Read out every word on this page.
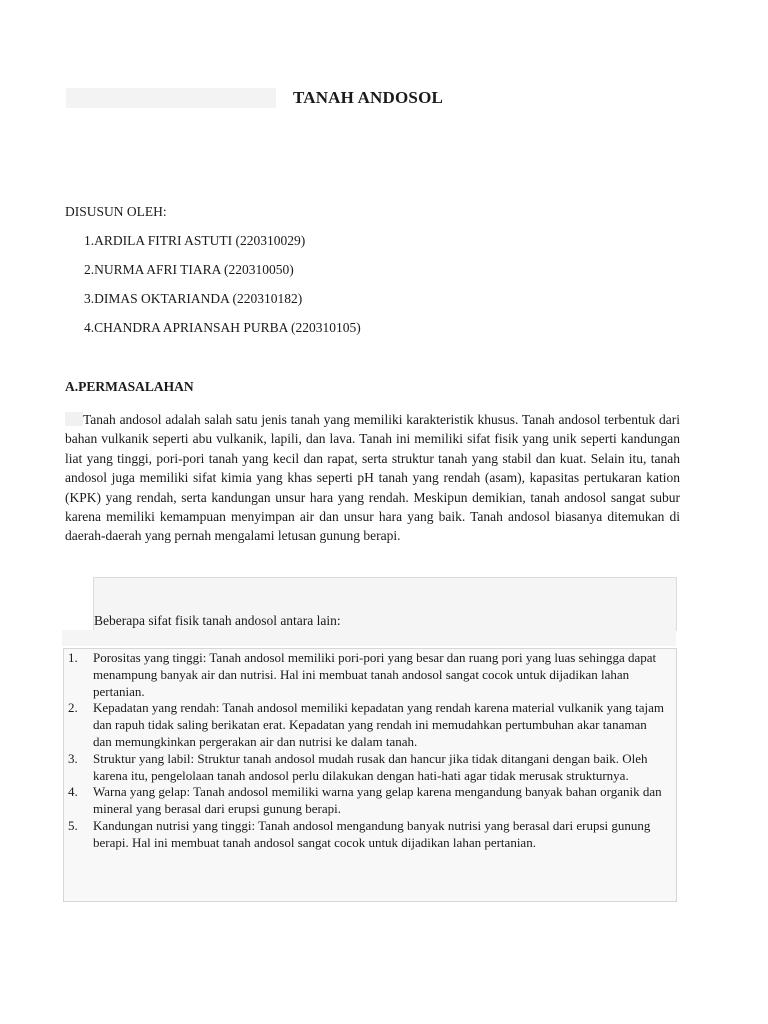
TANAH ANDOSOL
DISUSUN OLEH:
1.ARDILA FITRI ASTUTI (220310029)
2.NURMA AFRI TIARA (220310050)
3.DIMAS OKTARIANDA (220310182)
4.CHANDRA APRIANSAH PURBA (220310105)
A.PERMASALAHAN

Tanah andosol adalah salah satu jenis tanah yang memiliki karakteristik khusus. Tanah andosol terbentuk dari bahan vulkanik seperti abu vulkanik, lapili, dan lava. Tanah ini memiliki sifat fisik yang unik seperti kandungan liat yang tinggi, pori-pori tanah yang kecil dan rapat, serta struktur tanah yang stabil dan kuat. Selain itu, tanah andosol juga memiliki sifat kimia yang khas seperti pH tanah yang rendah (asam), kapasitas pertukaran kation (KPK) yang rendah, serta kandungan unsur hara yang rendah. Meskipun demikian, tanah andosol sangat subur karena memiliki kemampuan menyimpan air dan unsur hara yang baik. Tanah andosol biasanya ditemukan di daerah-daerah yang pernah mengalami letusan gunung berapi.

Beberapa sifat fisik tanah andosol antara lain:
1. Porositas yang tinggi: Tanah andosol memiliki pori-pori yang besar dan ruang pori yang luas sehingga dapat menampung banyak air dan nutrisi. Hal ini membuat tanah andosol sangat cocok untuk dijadikan lahan pertanian.
2. Kepadatan yang rendah: Tanah andosol memiliki kepadatan yang rendah karena material vulkanik yang tajam dan rapuh tidak saling berikatan erat. Kepadatan yang rendah ini memudahkan pertumbuhan akar tanaman dan memungkinkan pergerakan air dan nutrisi ke dalam tanah.
3. Struktur yang labil: Struktur tanah andosol mudah rusak dan hancur jika tidak ditangani dengan baik. Oleh karena itu, pengelolaan tanah andosol perlu dilakukan dengan hati-hati agar tidak merusak strukturnya.
4. Warna yang gelap: Tanah andosol memiliki warna yang gelap karena mengandung banyak bahan organik dan mineral yang berasal dari erupsi gunung berapi.
5. Kandungan nutrisi yang tinggi: Tanah andosol mengandung banyak nutrisi yang berasal dari erupsi gunung berapi. Hal ini membuat tanah andosol sangat cocok untuk dijadikan lahan pertanian.
